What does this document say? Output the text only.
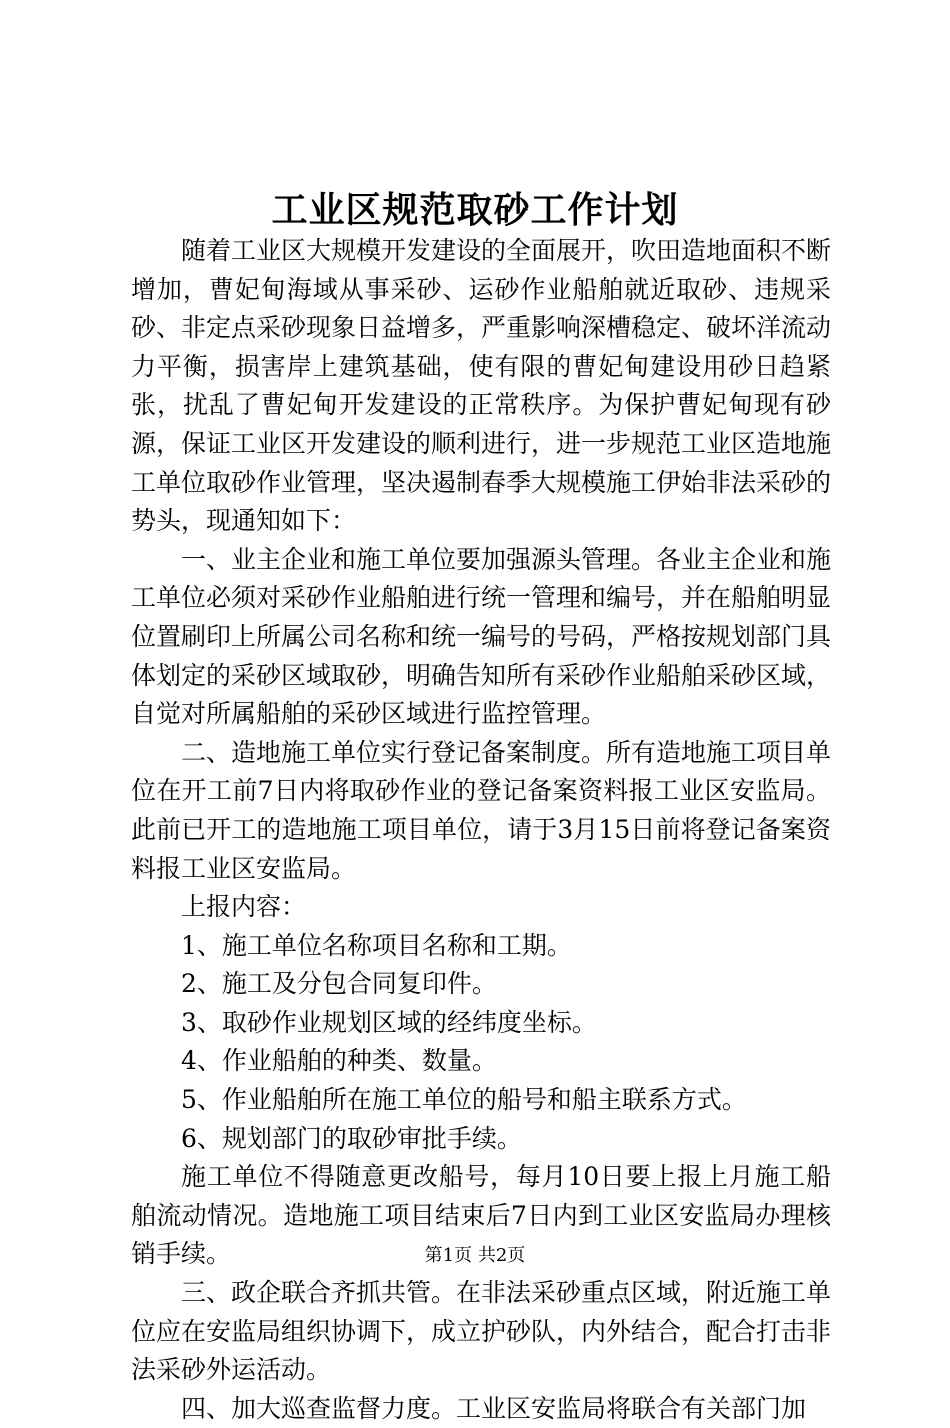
工业区规范取砂工作计划

随着工业区大规模开发建设的全面展开，吹田造地面积不断增加，曹妃甸海域从事采砂、运砂作业船舶就近取砂、违规采砂、非定点采砂现象日益增多，严重影响深槽稳定、破坏洋流动力平衡，损害岸上建筑基础，使有限的曹妃甸建设用砂日趋紧张，扰乱了曹妃甸开发建设的正常秩序。为保护曹妃甸现有砂源，保证工业区开发建设的顺利进行，进一步规范工业区造地施工单位取砂作业管理，坚决遏制春季大规模施工伊始非法采砂的势头，现通知如下：

一、业主企业和施工单位要加强源头管理。各业主企业和施工单位必须对采砂作业船舶进行统一管理和编号，并在船舶明显位置刷印上所属公司名称和统一编号的号码，严格按规划部门具体划定的采砂区域取砂，明确告知所有采砂作业船舶采砂区域，自觉对所属船舶的采砂区域进行监控管理。

二、造地施工单位实行登记备案制度。所有造地施工项目单位在开工前7日内将取砂作业的登记备案资料报工业区安监局。此前已开工的造地施工项目单位，请于3月15日前将登记备案资料报工业区安监局。

上报内容：

1、施工单位名称项目名称和工期。

2、施工及分包合同复印件。

3、取砂作业规划区域的经纬度坐标。

4、作业船舶的种类、数量。

5、作业船舶所在施工单位的船号和船主联系方式。

6、规划部门的取砂审批手续。

施工单位不得随意更改船号，每月10日要上报上月施工船舶流动情况。造地施工项目结束后7日内到工业区安监局办理核销手续。

三、政企联合齐抓共管。在非法采砂重点区域，附近施工单位应在安监局组织协调下，成立护砂队，内外结合，配合打击非法采砂外运活动。

四、加大巡查监督力度。工业区安监局将联合有关部门加

第1页 共2页
